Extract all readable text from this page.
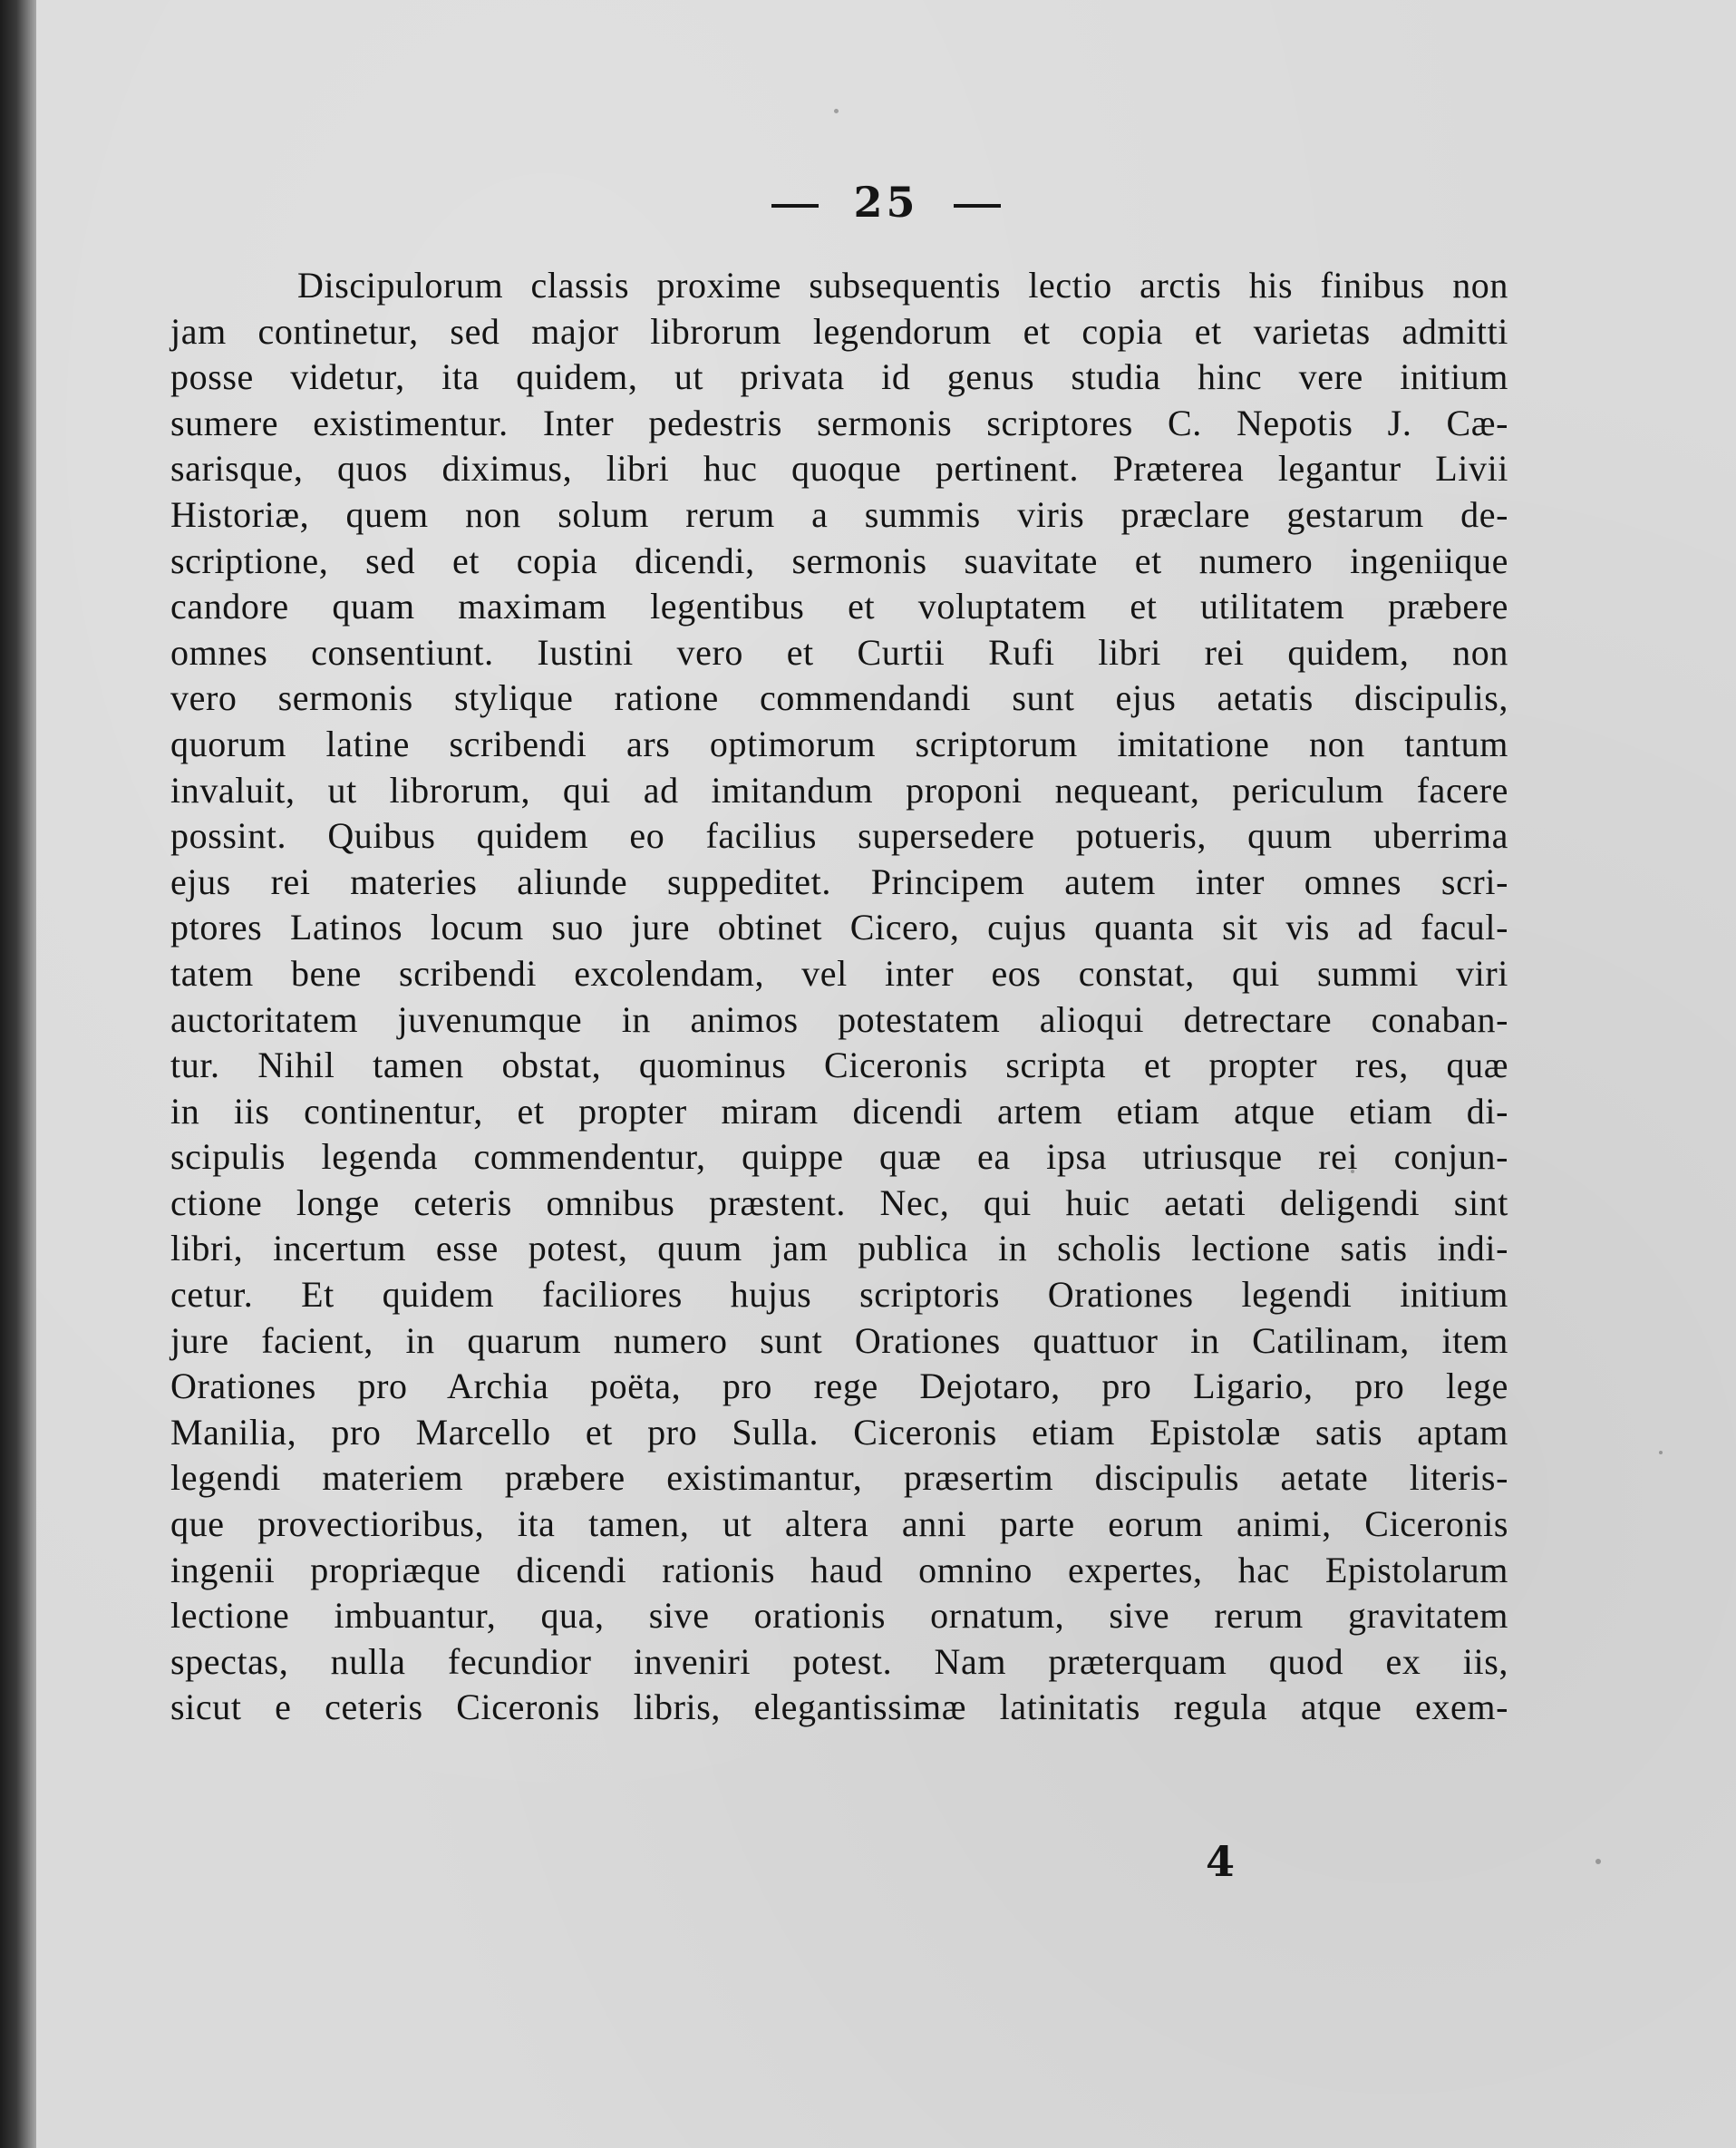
25
Discipulorum classis proxime subsequentis lectio arctis his finibus non
jam continetur, sed major librorum legendorum et copia et varietas admitti
posse videtur, ita quidem, ut privata id genus studia hinc vere initium
sumere existimentur. Inter pedestris sermonis scriptores C. Nepotis J. Cæ-
sarisque, quos diximus, libri huc quoque pertinent. Præterea legantur Livii
Historiæ, quem non solum rerum a summis viris præclare gestarum de-
scriptione, sed et copia dicendi, sermonis suavitate et numero ingeniique
candore quam maximam legentibus et voluptatem et utilitatem præbere
omnes consentiunt. Iustini vero et Curtii Rufi libri rei quidem, non
vero sermonis stylique ratione commendandi sunt ejus aetatis discipulis,
quorum latine scribendi ars optimorum scriptorum imitatione non tantum
invaluit, ut librorum, qui ad imitandum proponi nequeant, periculum facere
possint. Quibus quidem eo facilius supersedere potueris, quum uberrima
ejus rei materies aliunde suppeditet. Principem autem inter omnes scri-
ptores Latinos locum suo jure obtinet Cicero, cujus quanta sit vis ad facul-
tatem bene scribendi excolendam, vel inter eos constat, qui summi viri
auctoritatem juvenumque in animos potestatem alioqui detrectare conaban-
tur. Nihil tamen obstat, quominus Ciceronis scripta et propter res, quæ
in iis continentur, et propter miram dicendi artem etiam atque etiam di-
scipulis legenda commendentur, quippe quæ ea ipsa utriusque rei conjun-
ctione longe ceteris omnibus præstent. Nec, qui huic aetati deligendi sint
libri, incertum esse potest, quum jam publica in scholis lectione satis indi-
cetur. Et quidem faciliores hujus scriptoris Orationes legendi initium
jure facient, in quarum numero sunt Orationes quattuor in Catilinam, item
Orationes pro Archia poëta, pro rege Dejotaro, pro Ligario, pro lege
Manilia, pro Marcello et pro Sulla. Ciceronis etiam Epistolæ satis aptam
legendi materiem præbere existimantur, præsertim discipulis aetate literis-
que provectioribus, ita tamen, ut altera anni parte eorum animi, Ciceronis
ingenii propriæque dicendi rationis haud omnino expertes, hac Epistolarum
lectione imbuantur, qua, sive orationis ornatum, sive rerum gravitatem
spectas, nulla fecundior inveniri potest. Nam præterquam quod ex iis,
sicut e ceteris Ciceronis libris, elegantissimæ latinitatis regula atque exem-
4
